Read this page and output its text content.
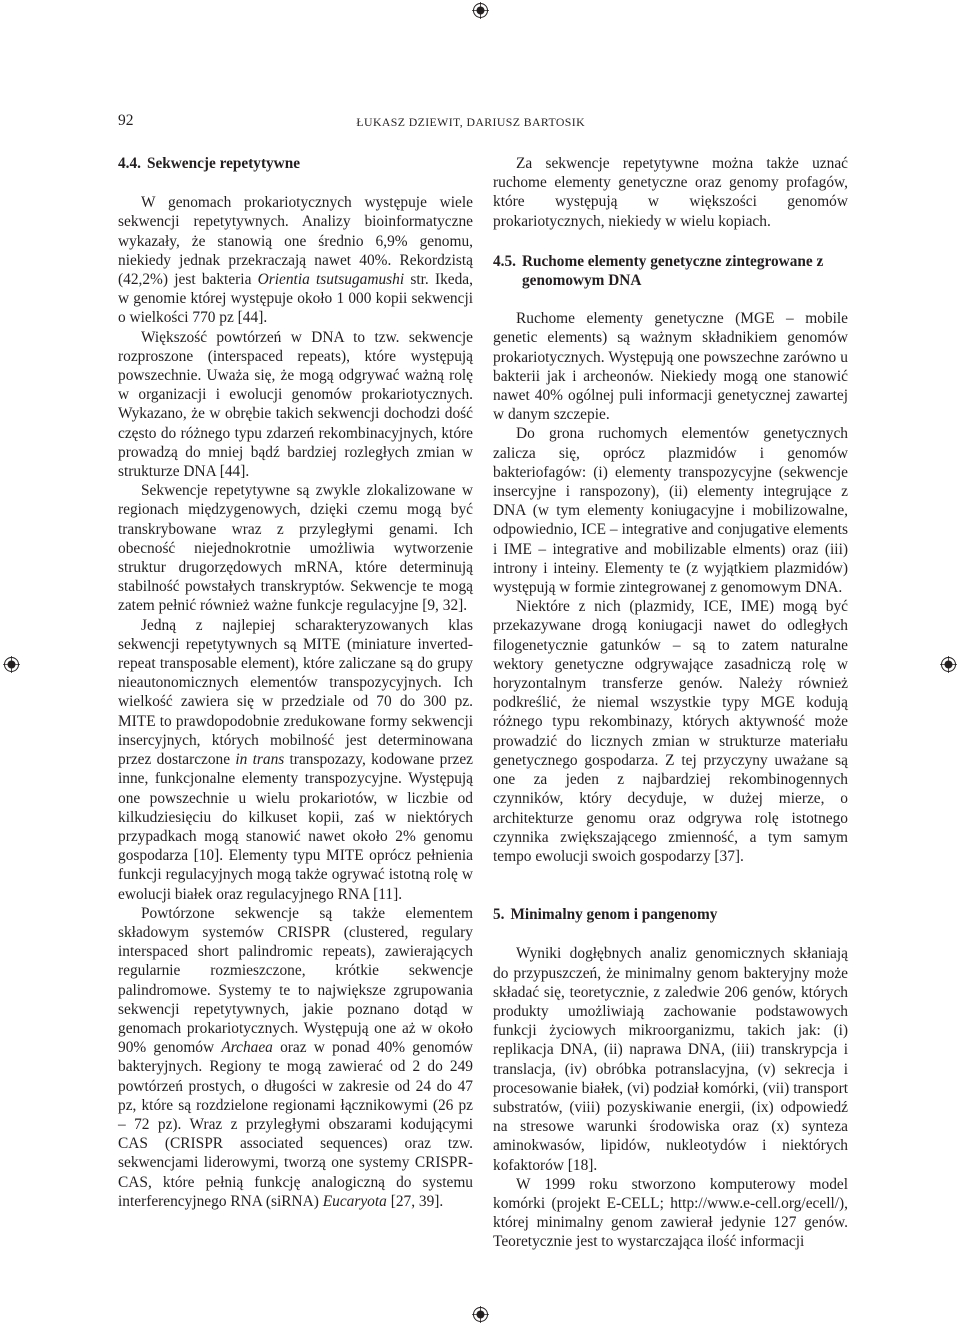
92	ŁUKASZ DZIEWIT, DARIUSZ BARTOSIK
4.4. Sekwencje repetytywne

W genomach prokariotycznych występuje wiele sekwencji repetytywnych. Analizy bioinformatyczne wykazały, że stanowią one średnio 6,9% genomu, niekiedy jednak przekraczają nawet 40%. Rekordzistą (42,2%) jest bakteria Orientia tsutsugamushi str. Ikeda, w genomie której występuje około 1 000 kopii sekwencji o wielkości 770 pz [44].

Większość powtórzeń w DNA to tzw. sekwencje rozproszone (interspaced repeats), które występują powszechnie. Uważa się, że mogą odgrywać ważną rolę w organizacji i ewolucji genomów prokariotycznych. Wykazano, że w obrębie takich sekwencji dochodzi dość często do różnego typu zdarzeń rekombinacyjnych, które prowadzą do mniej bądź bardziej rozległych zmian w strukturze DNA [44].

Sekwencje repetytywne są zwykle zlokalizowane w regionach międzygenowych, dzięki czemu mogą być transkrybowane wraz z przyległymi genami. Ich obecność niejednokrotnie umożliwia wytworzenie struktur drugorzędowych mRNA, które determinują stabilność powstałych transkryptów. Sekwencje te mogą zatem pełnić również ważne funkcje regulacyjne [9, 32].

Jedną z najlepiej scharakteryzowanych klas sekwencji repetytywnych są MITE (miniature inverted-repeat transposable element), które zaliczane są do grupy nieautonomicznych elementów transpozycyjnych. Ich wielkość zawiera się w przedziale od 70 do 300 pz. MITE to prawdopodobnie zredukowane formy sekwencji insercyjnych, których mobilność jest determinowana przez dostarczone in trans transpozazy, kodowane przez inne, funkcjonalne elementy transpozycyjne. Występują one powszechnie u wielu prokariotów, w liczbie od kilkudziesięciu do kilkuset kopii, zaś w niektórych przypadkach mogą stanowić nawet około 2% genomu gospodarza [10]. Elementy typu MITE oprócz pełnienia funkcji regulacyjnych mogą także ogrywać istotną rolę w ewolucji białek oraz regulacyjnego RNA [11].

Powtórzone sekwencje są także elementem składowym systemów CRISPR (clustered, regulary interspaced short palindromic repeats), zawierających regularnie rozmieszczone, krótkie sekwencje palindromowe. Systemy te to największe zgrupowania sekwencji repetytywnych, jakie poznano dotąd w genomach prokariotycznych. Występują one aż w około 90% genomów Archaea oraz w ponad 40% genomów bakteryjnych. Regiony te mogą zawierać od 2 do 249 powtórzeń prostych, o długości w zakresie od 24 do 47 pz, które są rozdzielone regionami łącznikowymi (26 pz – 72 pz). Wraz z przyległymi obszarami kodującymi CAS (CRISPR associated sequences) oraz tzw. sekwencjami liderowymi, tworzą one systemy CRISPR-CAS, które pełnią funkcję analogiczną do systemu interferencyjnego RNA (siRNA) Eucaryota [27, 39].

Za sekwencje repetytywne można także uznać ruchome elementy genetyczne oraz genomy profagów, które występują w większości genomów prokariotycznych, niekiedy w wielu kopiach.

4.5. Ruchome elementy genetyczne zintegrowane z genomowym DNA

Ruchome elementy genetyczne (MGE – mobile genetic elements) są ważnym składnikiem genomów prokariotycznych. Występują one powszechne zarówno u bakterii jak i archeonów. Niekiedy mogą one stanowić nawet 40% ogólnej puli informacji genetycznej zawartej w danym szczepie.

Do grona ruchomych elementów genetycznych zalicza się, oprócz plazmidów i genomów bakteriofagów: (i) elementy transpozycyjne (sekwencje insercyjne i ranspozony), (ii) elementy integrujące z DNA (w tym elementy koniugacyjne i mobilizowalne, odpowiednio, ICE – integrative and conjugative elements i IME – integrative and mobilizable elments) oraz (iii) introny i inteiny. Elementy te (z wyjątkiem plazmidów) występują w formie zintegrowanej z genomowym DNA.

Niektóre z nich (plazmidy, ICE, IME) mogą być przekazywane drogą koniugacji nawet do odległych filogenetycznie gatunków – są to zatem naturalne wektory genetyczne odgrywające zasadniczą rolę w horyzontalnym transferze genów. Należy również podkreślić, że niemal wszystkie typy MGE kodują różnego typu rekombinazy, których aktywność może prowadzić do licznych zmian w strukturze materiału genetycznego gospodarza. Z tej przyczyny uważane są one za jeden z najbardziej rekombinogennych czynników, który decyduje, w dużej mierze, o architekturze genomu oraz odgrywa rolę istotnego czynnika zwiększającego zmienność, a tym samym tempo ewolucji swoich gospodarzy [37].

5. Minimalny genom i pangenomy

Wyniki dogłębnych analiz genomicznych skłaniają do przypuszczeń, że minimalny genom bakteryjny może składać się, teoretycznie, z zaledwie 206 genów, których produkty umożliwiają zachowanie podstawowych funkcji życiowych mikroorganizmu, takich jak: (i) replikacja DNA, (ii) naprawa DNA, (iii) transkrypcja i translacja, (iv) obróbka potranslacyjna, (v) sekrecja i procesowanie białek, (vi) podział komórki, (vii) transport substratów, (viii) pozyskiwanie energii, (ix) odpowiedź na stresowe warunki środowiska oraz (x) synteza aminokwasów, lipidów, nukleotydów i niektórych kofaktorów [18].

W 1999 roku stworzono komputerowy model komórki (projekt E-CELL; http://www.e-cell.org/ecell/), której minimalny genom zawierał jedynie 127 genów. Teoretycznie jest to wystarczająca ilość informacji
